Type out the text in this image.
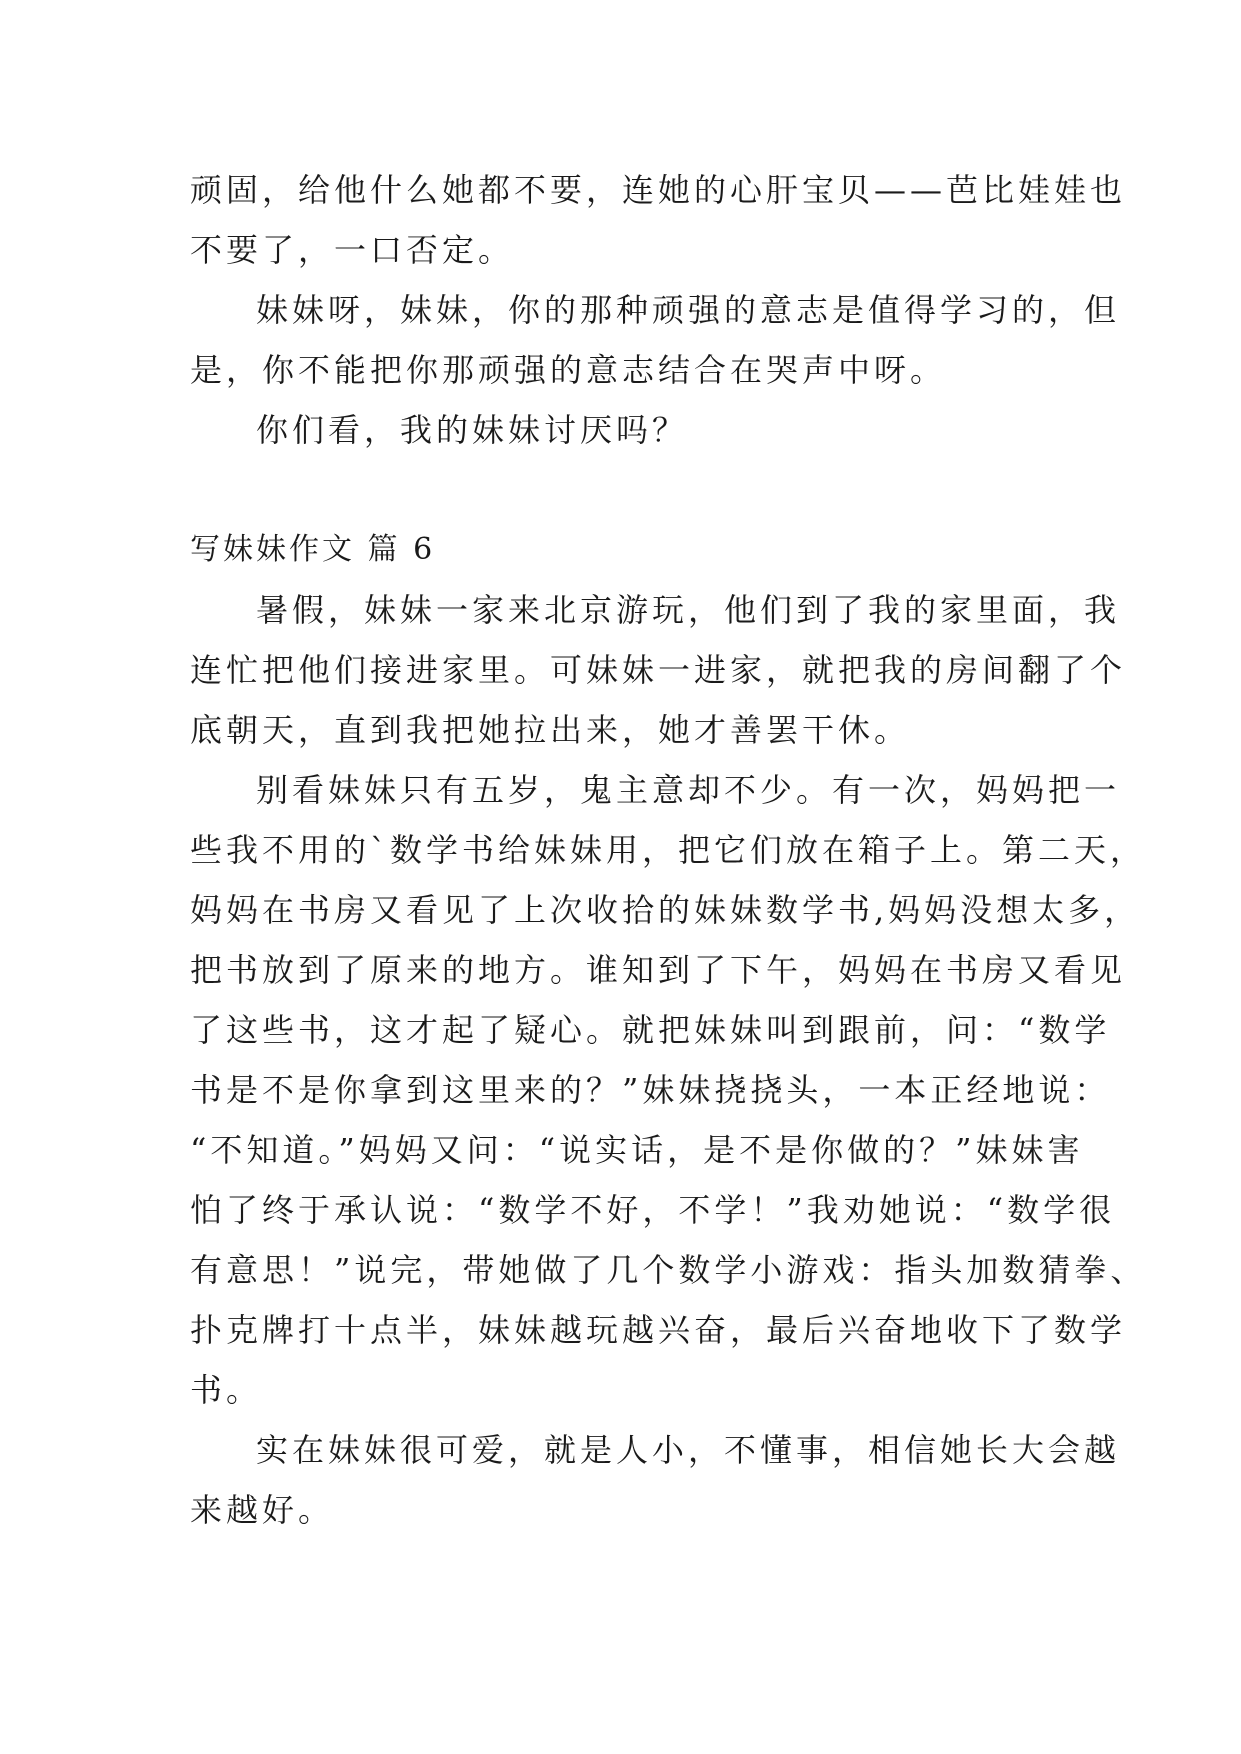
顽固，给他什么她都不要，连她的心肝宝贝——芭比娃娃也
不要了，一口否定。
妹妹呀，妹妹，你的那种顽强的意志是值得学习的，但
是，你不能把你那顽强的意志结合在哭声中呀。
你们看，我的妹妹讨厌吗？
写妹妹作文 篇 6
暑假，妹妹一家来北京游玩，他们到了我的家里面，我
连忙把他们接进家里。可妹妹一进家，就把我的房间翻了个
底朝天，直到我把她拉出来，她才善罢干休。
别看妹妹只有五岁，鬼主意却不少。有一次，妈妈把一
些我不用的`数学书给妹妹用，把它们放在箱子上。第二天，
妈妈在书房又看见了上次收拾的妹妹数学书,妈妈没想太多，
把书放到了原来的地方。谁知到了下午，妈妈在书房又看见
了这些书，这才起了疑心。就把妹妹叫到跟前，问：“数学
书是不是你拿到这里来的？”妹妹挠挠头，一本正经地说：
“不知道。”妈妈又问：“说实话，是不是你做的？”妹妹害
怕了终于承认说：“数学不好，不学！”我劝她说：“数学很
有意思！”说完，带她做了几个数学小游戏：指头加数猜拳、
扑克牌打十点半，妹妹越玩越兴奋，最后兴奋地收下了数学
书。
实在妹妹很可爱，就是人小，不懂事，相信她长大会越
来越好。
